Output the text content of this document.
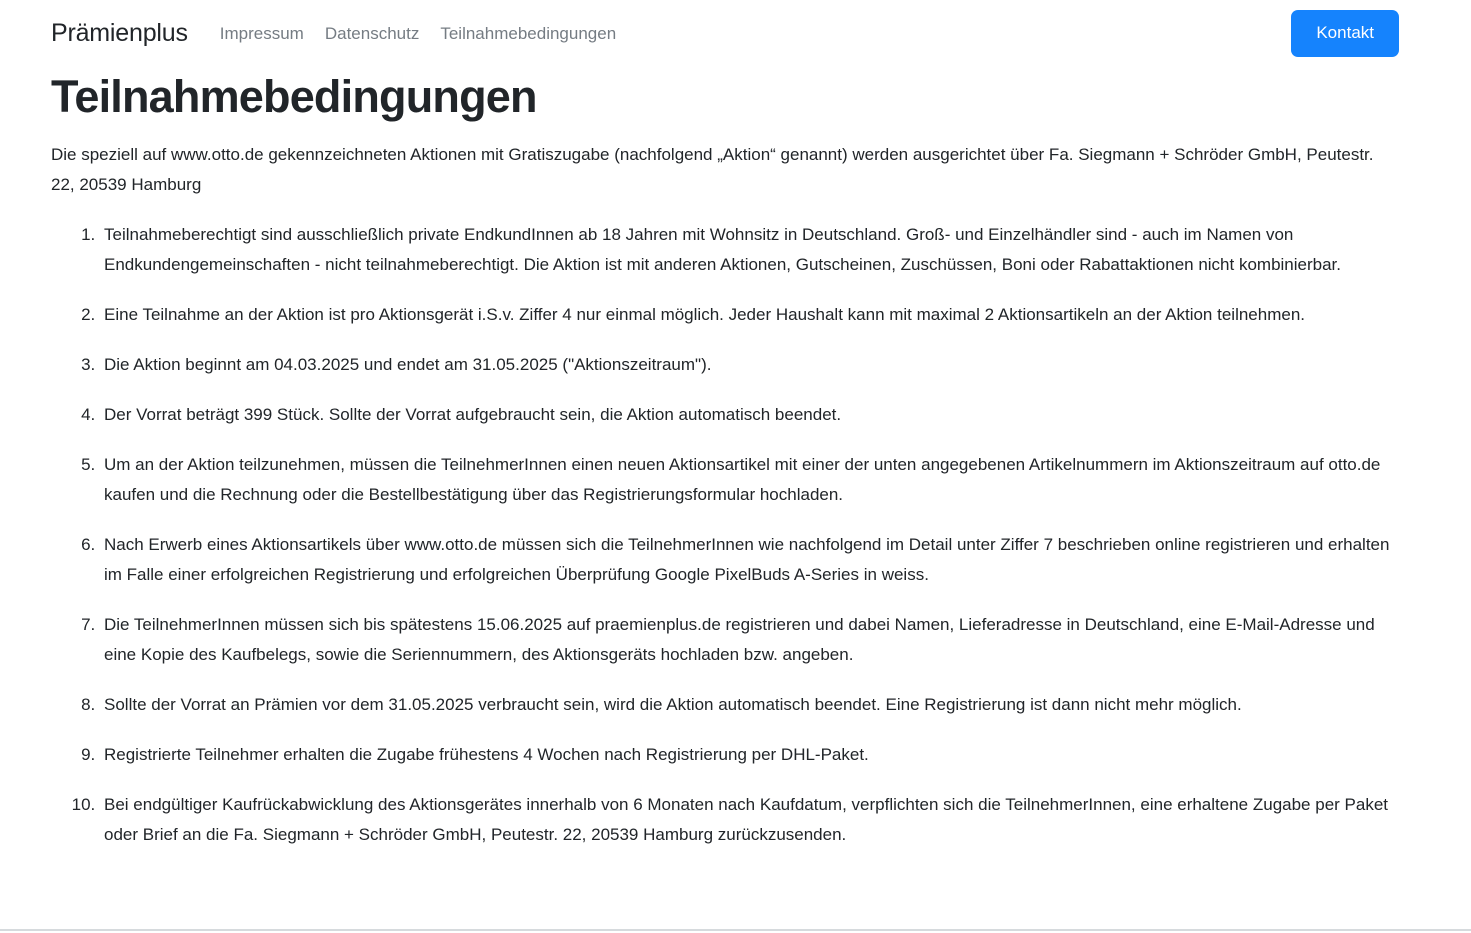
Prämienplus Impressum Datenschutz Teilnahmebedingungen	Kontakt
Teilnahmebedingungen

Die speziell auf www.otto.de gekennzeichneten Aktionen mit Gratiszugabe (nachfolgend „Aktion“ genannt) werden ausgerichtet über Fa. Siegmann + Schröder GmbH, Peutestr. 22, 20539 Hamburg

1. Teilnahmeberechtigt sind ausschließlich private EndkundInnen ab 18 Jahren mit Wohnsitz in Deutschland. Groß- und Einzelhändler sind - auch im Namen von Endkundengemeinschaften - nicht teilnahmeberechtigt. Die Aktion ist mit anderen Aktionen, Gutscheinen, Zuschüssen, Boni oder Rabattaktionen nicht kombinierbar.
2. Eine Teilnahme an der Aktion ist pro Aktionsgerät i.S.v. Ziffer 4 nur einmal möglich. Jeder Haushalt kann mit maximal 2 Aktionsartikeln an der Aktion teilnehmen.
3. Die Aktion beginnt am 04.03.2025 und endet am 31.05.2025 ("Aktionszeitraum").
4. Der Vorrat beträgt 399 Stück. Sollte der Vorrat aufgebraucht sein, die Aktion automatisch beendet.
5. Um an der Aktion teilzunehmen, müssen die TeilnehmerInnen einen neuen Aktionsartikel mit einer der unten angegebenen Artikelnummern im Aktionszeitraum auf otto.de kaufen und die Rechnung oder die Bestellbestätigung über das Registrierungsformular hochladen.
6. Nach Erwerb eines Aktionsartikels über www.otto.de müssen sich die TeilnehmerInnen wie nachfolgend im Detail unter Ziffer 7 beschrieben online registrieren und erhalten im Falle einer erfolgreichen Registrierung und erfolgreichen Überprüfung Google PixelBuds A-Series in weiss.
7. Die TeilnehmerInnen müssen sich bis spätestens 15.06.2025 auf praemienplus.de registrieren und dabei Namen, Lieferadresse in Deutschland, eine E-Mail-Adresse und eine Kopie des Kaufbelegs, sowie die Seriennummern, des Aktionsgeräts hochladen bzw. angeben.
8. Sollte der Vorrat an Prämien vor dem 31.05.2025 verbraucht sein, wird die Aktion automatisch beendet. Eine Registrierung ist dann nicht mehr möglich.
9. Registrierte Teilnehmer erhalten die Zugabe frühestens 4 Wochen nach Registrierung per DHL-Paket.
10. Bei endgültiger Kaufrückabwicklung des Aktionsgerätes innerhalb von 6 Monaten nach Kaufdatum, verpflichten sich die TeilnehmerInnen, eine erhaltene Zugabe per Paket oder Brief an die Fa. Siegmann + Schröder GmbH, Peutestr. 22, 20539 Hamburg zurückzusenden.
